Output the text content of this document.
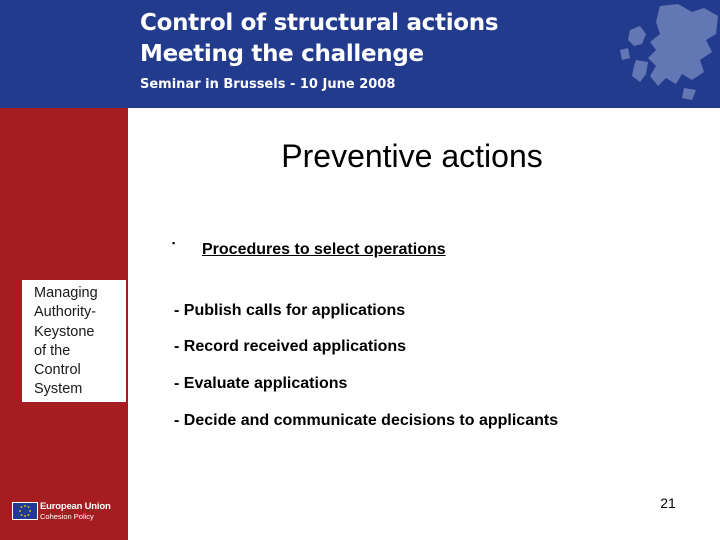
Control of structural actions
Meeting the challenge
Seminar in Brussels - 10 June 2008
Managing
Authority-
Keystone
of the
Control
System
European Union
Cohesion Policy
Preventive actions
▪ Procedures to select operations
- Publish calls for applications
- Record received applications
- Evaluate applications
- Decide and communicate decisions to applicants
21
